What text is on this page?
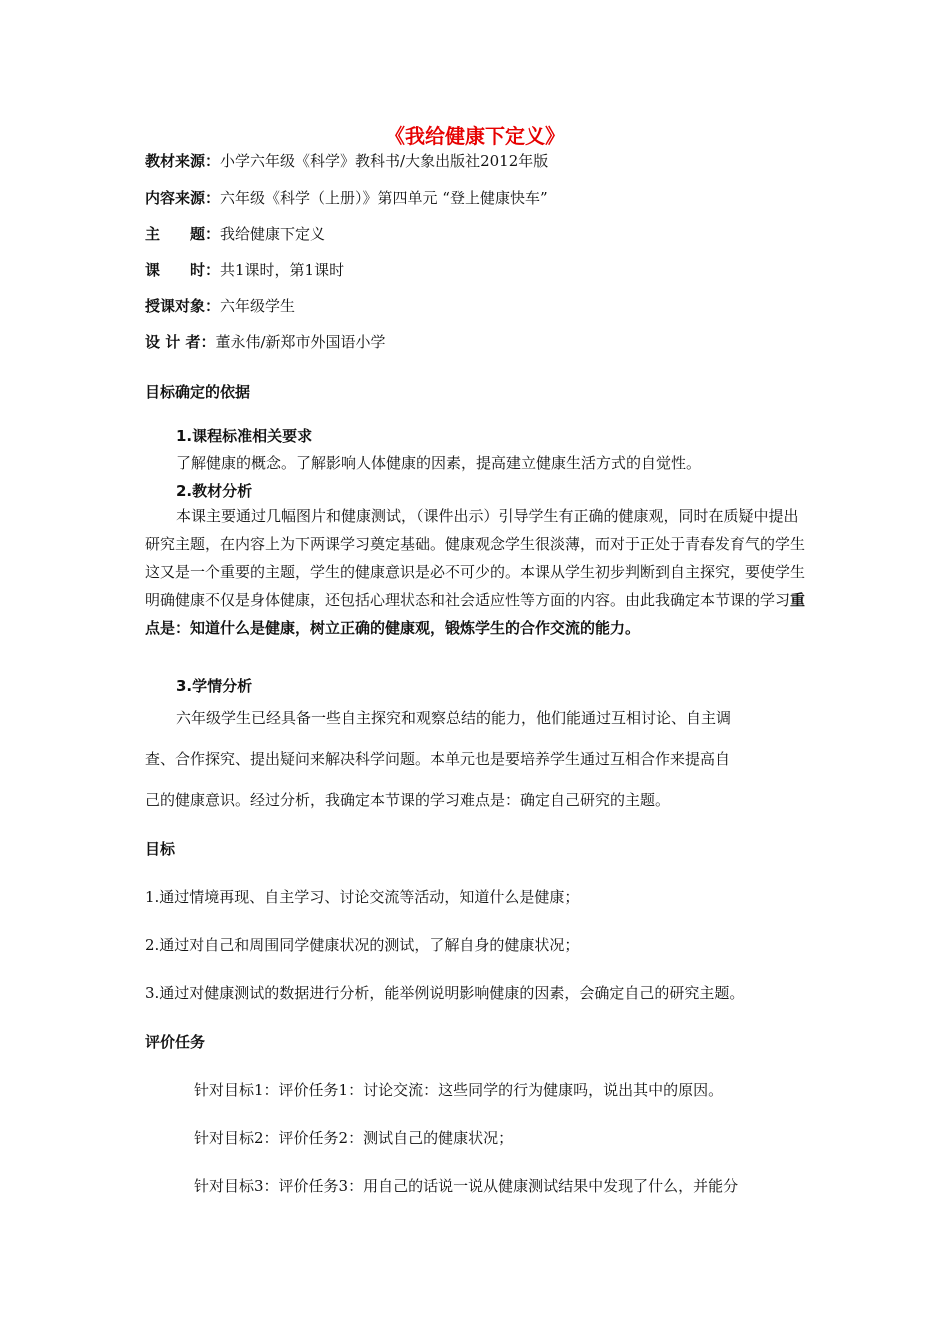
《我给健康下定义》
教材来源：小学六年级《科学》教科书/大象出版社2012年版
内容来源：六年级《科学（上册）》第四单元 “登上健康快车”
主　　题：我给健康下定义
课　　时：共1课时，第1课时
授课对象：六年级学生
设 计 者：董永伟/新郑市外国语小学
目标确定的依据
1.课程标准相关要求
了解健康的概念。了解影响人体健康的因素，提高建立健康生活方式的自觉性。
2.教材分析
本课主要通过几幅图片和健康测试，（课件出示）引导学生有正确的健康观，同时在质疑中提出研究主题，在内容上为下两课学习奠定基础。健康观念学生很淡薄，而对于正处于青春发育气的学生这又是一个重要的主题，学生的健康意识是必不可少的。本课从学生初步判断到自主探究，要使学生明确健康不仅是身体健康，还包括心理状态和社会适应性等方面的内容。由此我确定本节课的学习重点是：知道什么是健康，树立正确的健康观，锻炼学生的合作交流的能力。
3.学情分析
六年级学生已经具备一些自主探究和观察总结的能力，他们能通过互相讨论、自主调
查、合作探究、提出疑问来解决科学问题。本单元也是要培养学生通过互相合作来提高自
己的健康意识。经过分析，我确定本节课的学习难点是：确定自己研究的主题。
目标
1.通过情境再现、自主学习、讨论交流等活动，知道什么是健康；
2.通过对自己和周围同学健康状况的测试，了解自身的健康状况；
3.通过对健康测试的数据进行分析，能举例说明影响健康的因素，会确定自己的研究主题。
评价任务
针对目标1：评价任务1：讨论交流：这些同学的行为健康吗，说出其中的原因。
针对目标2：评价任务2：测试自己的健康状况；
针对目标3：评价任务3：用自己的话说一说从健康测试结果中发现了什么，并能分
